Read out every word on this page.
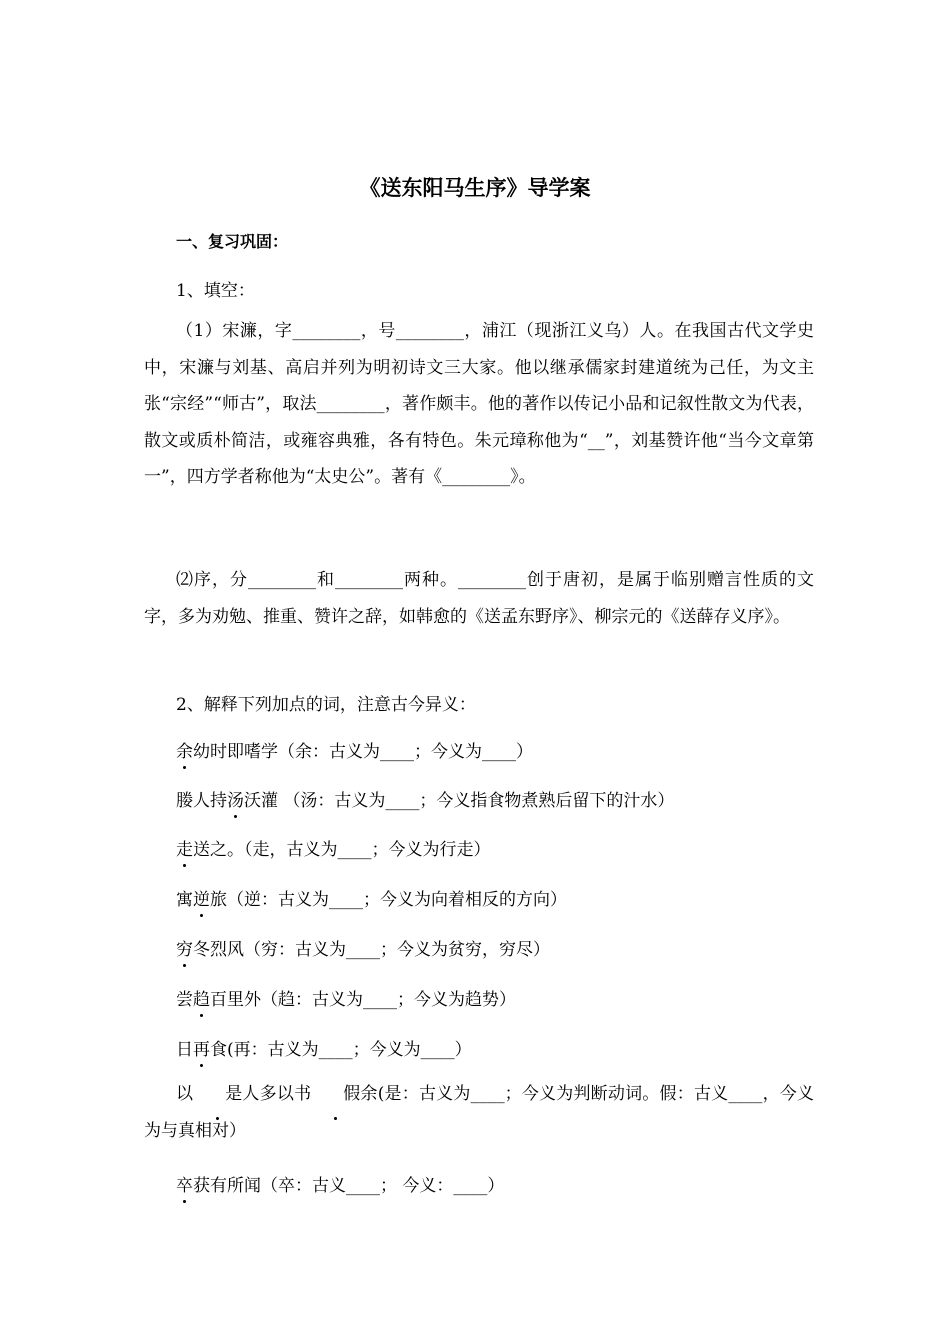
《送东阳马生序》导学案
一、复习巩固：

1、填空：

（1）宋濂，字________，号________，浦江（现浙江义乌）人。在我国古代文学史中，宋濂与刘基、高启并列为明初诗文三大家。他以继承儒家封建道统为己任，为文主张“宗经”“师古”，取法________，著作颇丰。他的著作以传记小品和记叙性散文为代表，散文或质朴简洁，或雍容典雅，各有特色。朱元璋称他为“__”，刘基赞许他“当今文章第一”，四方学者称他为“太史公”。著有《________》。

⑵序，分________和________两种。________创于唐初，是属于临别赠言性质的文字，多为劝勉、推重、赞许之辞，如韩愈的《送孟东野序》、柳宗元的《送薛存义序》。

2、解释下列加点的词，注意古今异义：

余幼时即嗜学（余：古义为____；今义为____）

媵人持汤沃灌 （汤：古义为____；今义指食物煮熟后留下的汁水）

走送之。（走，古义为____；今义为行走）

寓逆旅（逆：古义为____；今义为向着相反的方向）

穷冬烈风（穷：古义为____；今义为贫穷，穷尽）

尝趋百里外（趋：古义为____；今义为趋势）

日再食(再：古义为____；今义为____）

以 是人多以书 假余(是：古义为____；今义为判断动词。假：古义____，今义为与真相对）

卒获有所闻（卒：古义____； 今义：____）
